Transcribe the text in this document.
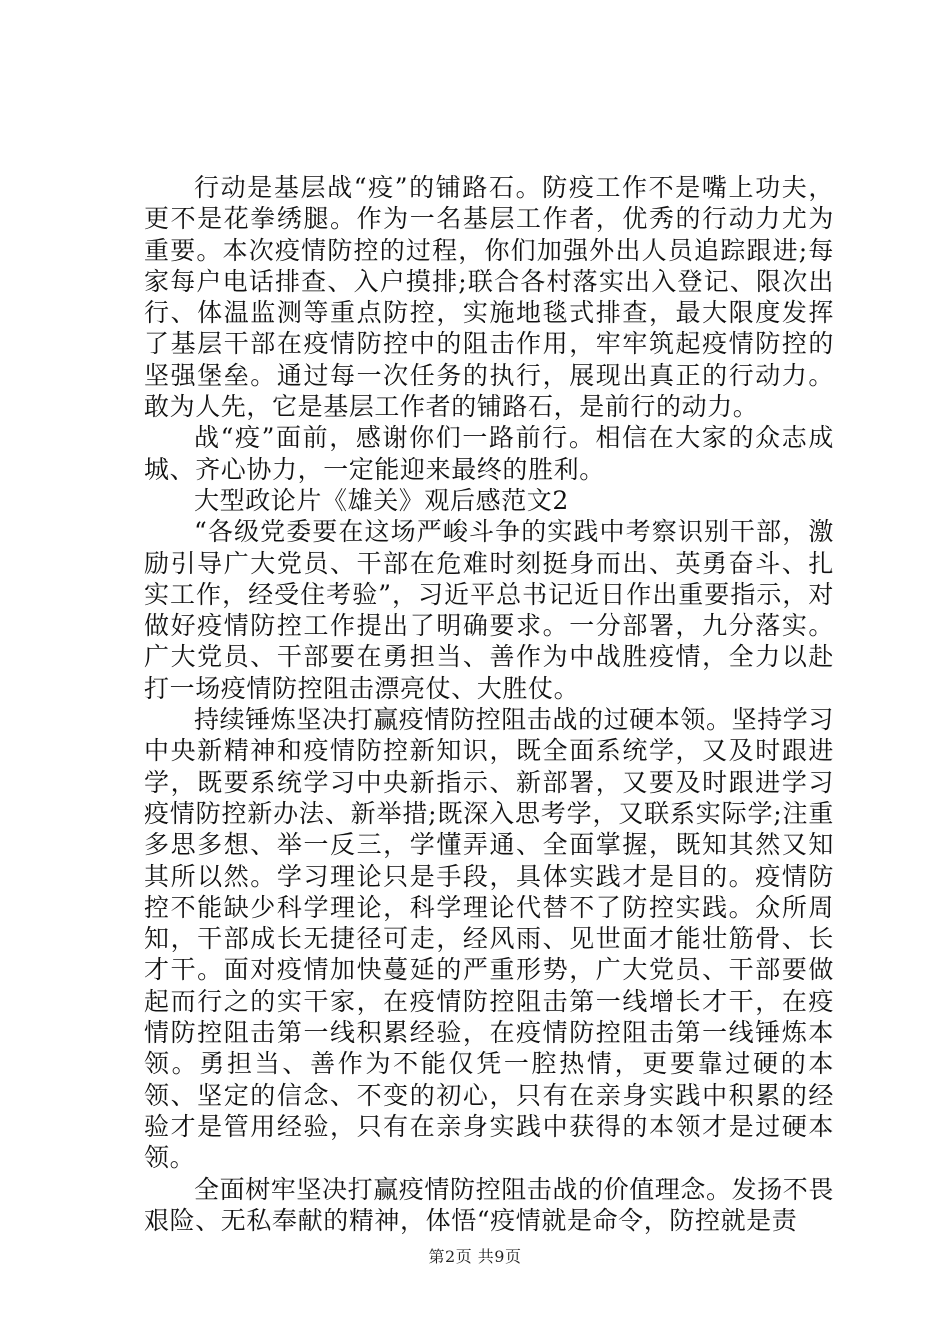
行动是基层战“疫”的铺路石。防疫工作不是嘴上功夫，更不是花拳绣腿。作为一名基层工作者，优秀的行动力尤为重要。本次疫情防控的过程，你们加强外出人员追踪跟进;每家每户电话排查、入户摸排;联合各村落实出入登记、限次出行、体温监测等重点防控，实施地毯式排查，最大限度发挥了基层干部在疫情防控中的阻击作用，牢牢筑起疫情防控的坚强堡垒。通过每一次任务的执行，展现出真正的行动力。敢为人先，它是基层工作者的铺路石，是前行的动力。

战“疫”面前，感谢你们一路前行。相信在大家的众志成城、齐心协力，一定能迎来最终的胜利。

大型政论片《雄关》观后感范文2

“各级党委要在这场严峻斗争的实践中考察识别干部，激励引导广大党员、干部在危难时刻挺身而出、英勇奋斗、扎实工作，经受住考验”，习近平总书记近日作出重要指示，对做好疫情防控工作提出了明确要求。一分部署，九分落实。广大党员、干部要在勇担当、善作为中战胜疫情，全力以赴打一场疫情防控阻击漂亮仗、大胜仗。

持续锤炼坚决打赢疫情防控阻击战的过硬本领。坚持学习中央新精神和疫情防控新知识，既全面系统学，又及时跟进学，既要系统学习中央新指示、新部署，又要及时跟进学习疫情防控新办法、新举措;既深入思考学，又联系实际学;注重多思多想、举一反三，学懂弄通、全面掌握，既知其然又知其所以然。学习理论只是手段，具体实践才是目的。疫情防控不能缺少科学理论，科学理论代替不了防控实践。众所周知，干部成长无捷径可走，经风雨、见世面才能壮筋骨、长才干。面对疫情加快蔓延的严重形势，广大党员、干部要做起而行之的实干家，在疫情防控阻击第一线增长才干，在疫情防控阻击第一线积累经验，在疫情防控阻击第一线锤炼本领。勇担当、善作为不能仅凭一腔热情，更要靠过硬的本领、坚定的信念、不变的初心，只有在亲身实践中积累的经验才是管用经验，只有在亲身实践中获得的本领才是过硬本领。

全面树牢坚决打赢疫情防控阻击战的价值理念。发扬不畏艰险、无私奉献的精神，体悟“疫情就是命令，防控就是责

第2页 共9页
